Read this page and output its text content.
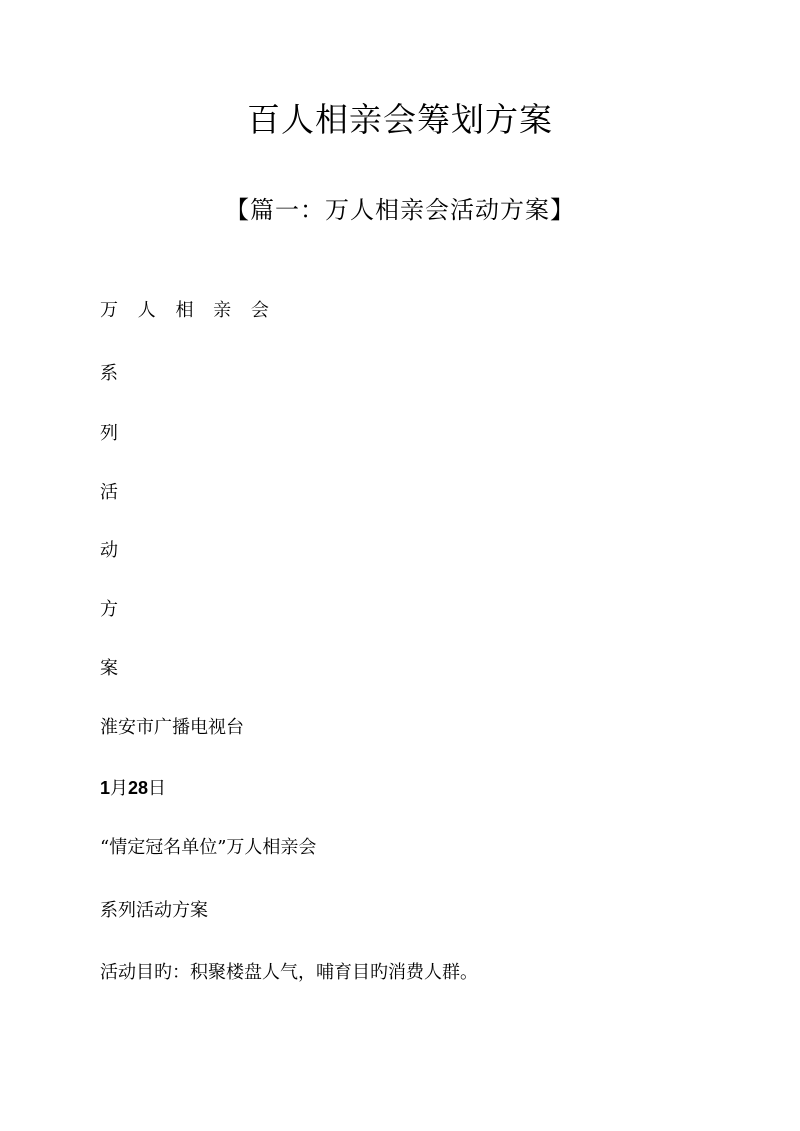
百人相亲会筹划方案
【篇一：万人相亲会活动方案】
万 人 相 亲 会
系
列
活
动
方
案
淮安市广播电视台
1月28日
“情定冠名单位”万人相亲会
系列活动方案
活动目旳：积聚楼盘人气，哺育目旳消费人群。
